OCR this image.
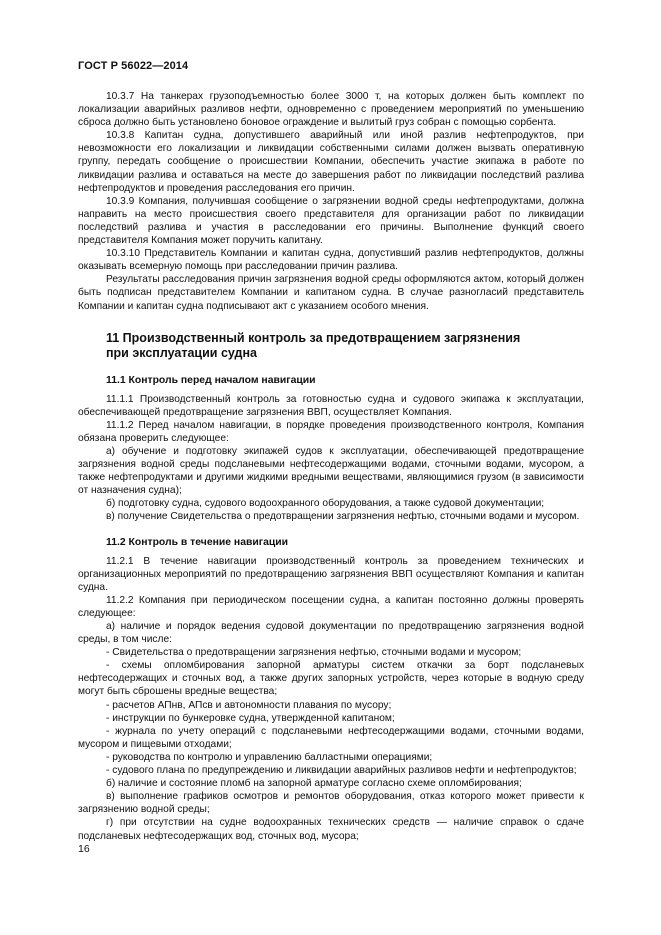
ГОСТ Р 56022—2014

10.3.7 На танкерах грузоподъемностью более 3000 т, на которых должен быть комплект по локализации аварийных разливов нефти, одновременно с проведением мероприятий по уменьшению сброса должно быть установлено боновое ограждение и вылитый груз собран с помощью сорбента.

10.3.8 Капитан судна, допустившего аварийный или иной разлив нефтепродуктов, при невозможности его локализации и ликвидации собственными силами должен вызвать оперативную группу, передать сообщение о происшествии Компании, обеспечить участие экипажа в работе по ликвидации разлива и оставаться на месте до завершения работ по ликвидации последствий разлива нефтепродуктов и проведения расследования его причин.

10.3.9 Компания, получившая сообщение о загрязнении водной среды нефтепродуктами, должна направить на место происшествия своего представителя для организации работ по ликвидации последствий разлива и участия в расследовании его причины. Выполнение функций своего представителя Компания может поручить капитану.

10.3.10 Представитель Компании и капитан судна, допустивший разлив нефтепродуктов, должны оказывать всемерную помощь при расследовании причин разлива.

Результаты расследования причин загрязнения водной среды оформляются актом, который должен быть подписан представителем Компании и капитаном судна. В случае разногласий представитель Компании и капитан судна подписывают акт с указанием особого мнения.

11 Производственный контроль за предотвращением загрязнения
при эксплуатации судна
11.1 Контроль перед началом навигации

11.1.1 Производственный контроль за готовностью судна и судового экипажа к эксплуатации, обеспечивающей предотвращение загрязнения ВВП, осуществляет Компания.

11.1.2 Перед началом навигации, в порядке проведения производственного контроля, Компания обязана проверить следующее:

а) обучение и подготовку экипажей судов к эксплуатации, обеспечивающей предотвращение загрязнения водной среды подсланевыми нефтесодержащими водами, сточными водами, мусором, а также нефтепродуктами и другими жидкими вредными веществами, являющимися грузом (в зависимости от назначения судна);

б) подготовку судна, судового водоохранного оборудования, а также судовой документации;

в) получение Свидетельства о предотвращении загрязнения нефтью, сточными водами и мусором.

11.2 Контроль в течение навигации

11.2.1 В течение навигации производственный контроль за проведением технических и организационных мероприятий по предотвращению загрязнения ВВП осуществляют Компания и капитан судна.

11.2.2 Компания при периодическом посещении судна, а капитан постоянно должны проверять следующее:

а) наличие и порядок ведения судовой документации по предотвращению загрязнения водной среды, в том числе:

- Свидетельства о предотвращении загрязнения нефтью, сточными водами и мусором;

- схемы опломбирования запорной арматуры систем откачки за борт подсланевых нефтесодержащих и сточных вод, а также других запорных устройств, через которые в водную среду могут быть сброшены вредные вещества;

- расчетов АПнв, АПсв и автономности плавания по мусору;

- инструкции по бункеровке судна, утвержденной капитаном;

- журнала по учету операций с подсланевыми нефтесодержащими водами, сточными водами, мусором и пищевыми отходами;

- руководства по контролю и управлению балластными операциями;

- судового плана по предупреждению и ликвидации аварийных разливов нефти и нефтепродуктов;

б) наличие и состояние пломб на запорной арматуре согласно схеме опломбирования;

в) выполнение графиков осмотров и ремонтов оборудования, отказ которого может привести к загрязнению водной среды;

г) при отсутствии на судне водоохранных технических средств — наличие справок о сдаче подсланевых нефтесодержащих вод, сточных вод, мусора;

16
